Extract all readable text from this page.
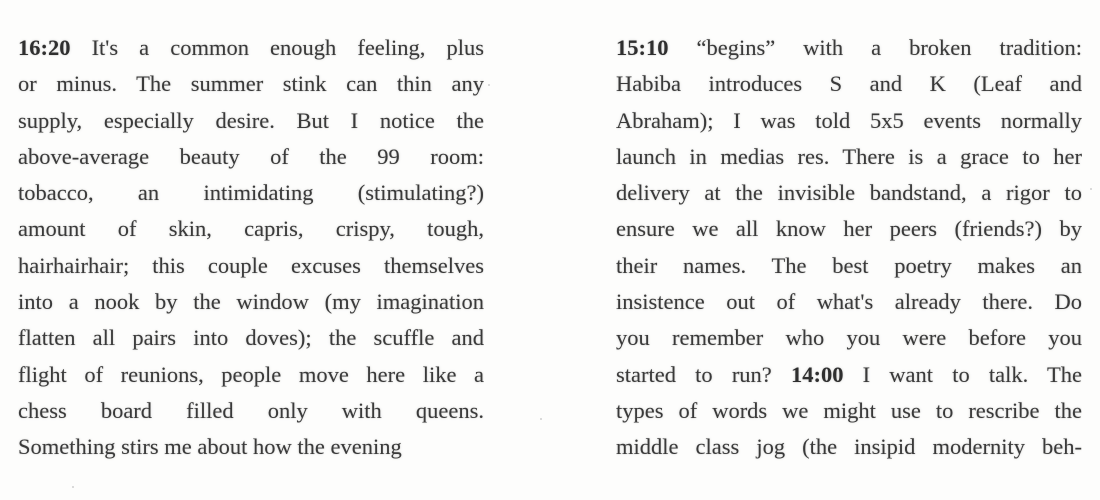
16:20 It's a common enough feeling, plus
or minus. The summer stink can thin any
supply, especially desire. But I notice the
above-average beauty of the 99 room:
tobacco, an intimidating (stimulating?)
amount of skin, capris, crispy, tough,
hairhairhair; this couple excuses themselves
into a nook by the window (my imagination
flatten all pairs into doves); the scuffle and
flight of reunions, people move here like a
chess board filled only with queens.
Something stirs me about how the evening
15:10 “begins” with a broken tradition:
Habiba introduces S and K (Leaf and
Abraham); I was told 5x5 events normally
launch in medias res. There is a grace to her
delivery at the invisible bandstand, a rigor to
ensure we all know her peers (friends?) by
their names. The best poetry makes an
insistence out of what's already there. Do
you remember who you were before you
started to run? 14:00 I want to talk. The
types of words we might use to rescribe the
middle class jog (the insipid modernity beh-
